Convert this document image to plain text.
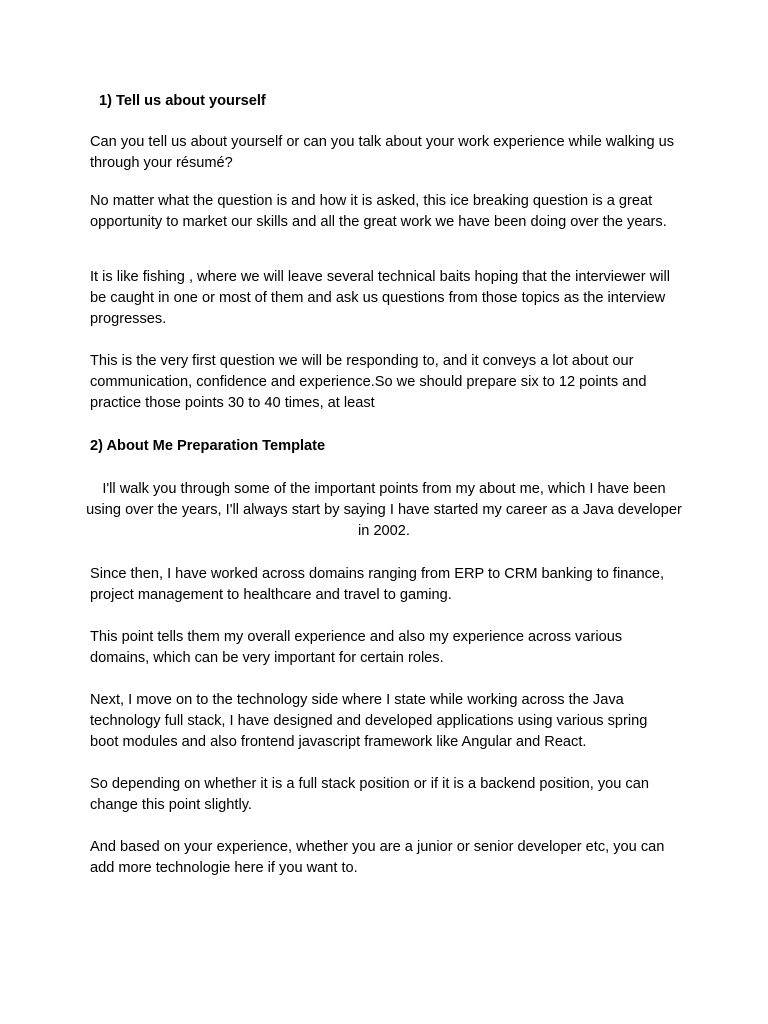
1) Tell us about yourself

Can you tell us about yourself or can you talk about your work experience while walking us through your résumé?

No matter what the question is and how it is asked, this ice breaking question is a great opportunity to market our skills and all the great work we have been doing over the years.

It is like fishing , where we will leave several technical baits hoping that the interviewer will be caught in one or most of them and ask us questions from those topics as the interview progresses.

This is the very first question we will be responding to, and it conveys a lot about our communication, confidence and experience.So we should prepare six to 12 points and practice those points 30 to 40 times, at least

2) About Me Preparation Template

I'll walk you through some of the important points from my about me, which I have been using over the years, I'll always start by saying I have started my career as a Java developer in 2002.

Since then, I have worked across domains ranging from ERP to CRM banking to finance, project management to healthcare and travel to gaming.

This point tells them my overall experience and also my experience across various domains, which can be very important for certain roles.

Next, I move on to the technology side where I state while working across the Java technology full stack, I have designed and developed applications using various spring boot modules and also frontend javascript framework like Angular and React.

So depending on whether it is a full stack position or if it is a backend position, you can change this point slightly.

And based on your experience, whether you are a junior or senior developer etc, you can add more technologie here if you want to.
